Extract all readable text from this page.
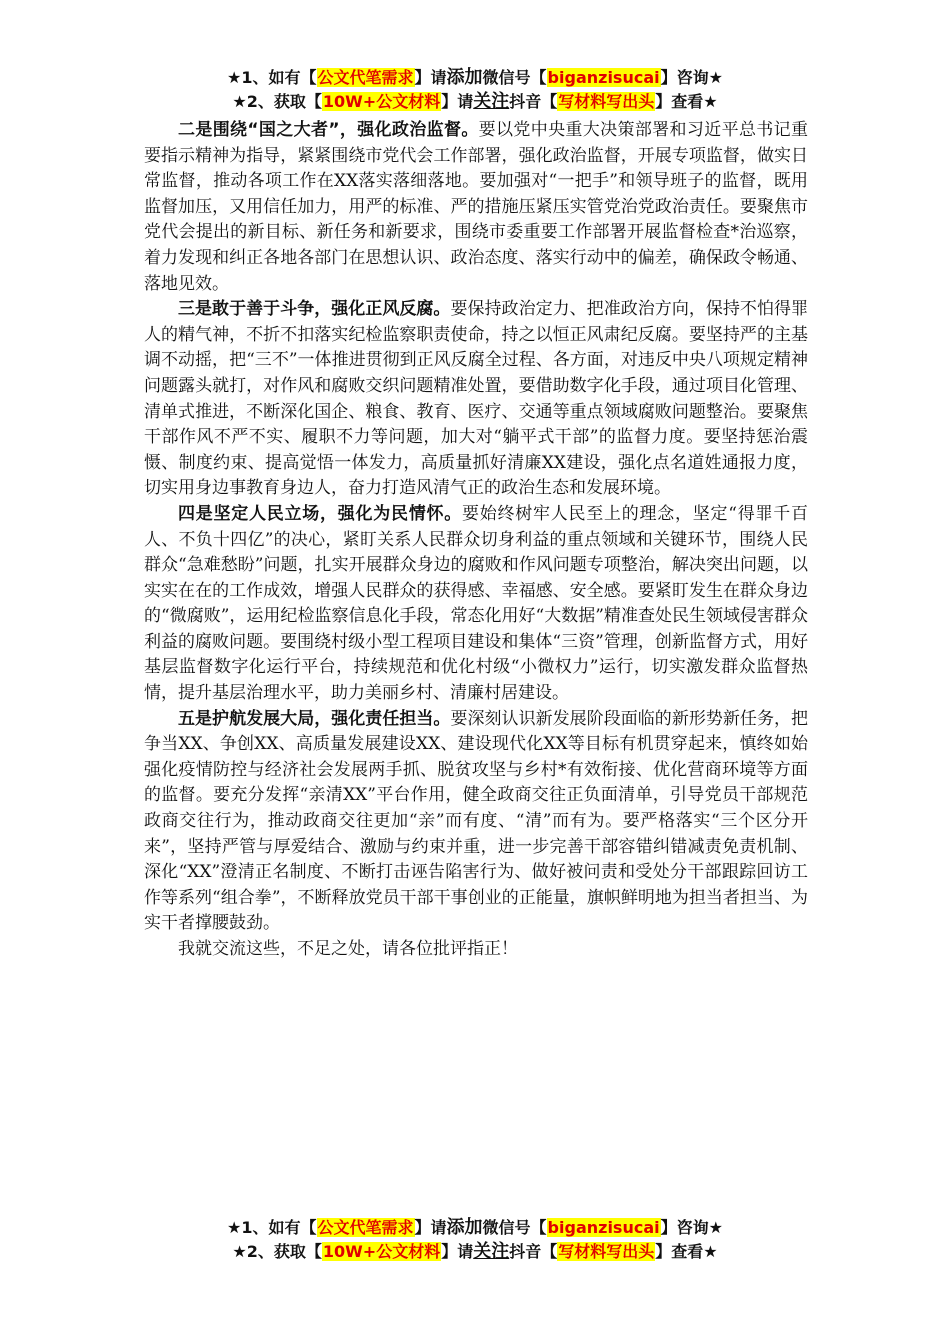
★1、如有【公文代笔需求】请添加微信号【biganzisucai】咨询★
★2、获取【10W+公文材料】请关注抖音【写材料写出头】查看★

二是围绕“国之大者”，强化政治监督。要以党中央重大决策部署和习近平总书记重要指示精神为指导，紧紧围绕市党代会工作部署，强化政治监督，开展专项监督，做实日常监督，推动各项工作在XX落实落细落地。要加强对“一把手”和领导班子的监督，既用监督加压，又用信任加力，用严的标准、严的措施压紧压实管党治党政治责任。要聚焦市党代会提出的新目标、新任务和新要求，围绕市委重要工作部署开展监督检查*治巡察，着力发现和纠正各地各部门在思想认识、政治态度、落实行动中的偏差，确保政令畅通、落地见效。

三是敢于善于斗争，强化正风反腐。要保持政治定力、把准政治方向，保持不怕得罪人的精气神，不折不扣落实纪检监察职责使命，持之以恒正风肃纪反腐。要坚持严的主基调不动摇，把“三不”一体推进贯彻到正风反腐全过程、各方面，对违反中央八项规定精神问题露头就打，对作风和腐败交织问题精准处置，要借助数字化手段，通过项目化管理、清单式推进，不断深化国企、粮食、教育、医疗、交通等重点领域腐败问题整治。要聚焦干部作风不严不实、履职不力等问题，加大对“躺平式干部”的监督力度。要坚持惩治震慑、制度约束、提高觉悟一体发力，高质量抓好清廉XX建设，强化点名道姓通报力度，切实用身边事教育身边人，奋力打造风清气正的政治生态和发展环境。

四是坚定人民立场，强化为民情怀。要始终树牢人民至上的理念，坚定“得罪千百人、不负十四亿”的决心，紧盯关系人民群众切身利益的重点领域和关键环节，围绕人民群众“急难愁盼”问题，扎实开展群众身边的腐败和作风问题专项整治，解决突出问题，以实实在在的工作成效，增强人民群众的获得感、幸福感、安全感。要紧盯发生在群众身边的“微腐败”，运用纪检监察信息化手段，常态化用好“大数据”精准查处民生领域侵害群众利益的腐败问题。要围绕村级小型工程项目建设和集体“三资”管理，创新监督方式，用好基层监督数字化运行平台，持续规范和优化村级“小微权力”运行，切实激发群众监督热情，提升基层治理水平，助力美丽乡村、清廉村居建设。

五是护航发展大局，强化责任担当。要深刻认识新发展阶段面临的新形势新任务，把争当XX、争创XX、高质量发展建设XX、建设现代化XX等目标有机贯穿起来，慎终如始强化疫情防控与经济社会发展两手抓、脱贫攻坚与乡村*有效衔接、优化营商环境等方面的监督。要充分发挥“亲清XX”平台作用，健全政商交往正负面清单，引导党员干部规范政商交往行为，推动政商交往更加“亲”而有度、“清”而有为。要严格落实“三个区分开来”，坚持严管与厚爱结合、激励与约束并重，进一步完善干部容错纠错减责免责机制、深化“XX”澄清正名制度、不断打击诬告陷害行为、做好被问责和受处分干部跟踪回访工作等系列“组合拳”，不断释放党员干部干事创业的正能量，旗帜鲜明地为担当者担当、为实干者撑腰鼓劲。

我就交流这些，不足之处，请各位批评指正！

★1、如有【公文代笔需求】请添加微信号【biganzisucai】咨询★
★2、获取【10W+公文材料】请关注抖音【写材料写出头】查看★
